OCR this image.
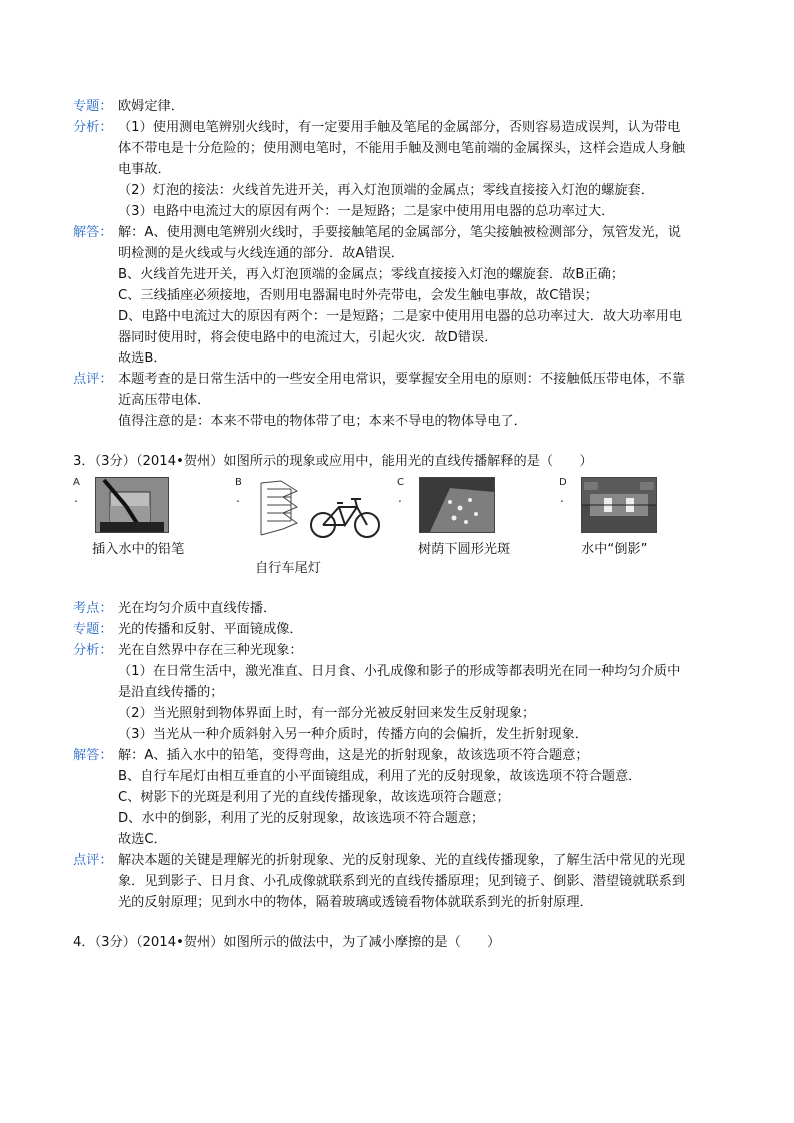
专题： 欧姆定律．
分析： （1）使用测电笔辨别火线时，有一定要用手触及笔尾的金属部分，否则容易造成误判，认为带电
体不带电是十分危险的；使用测电笔时，不能用手触及测电笔前端的金属探头，这样会造成人身触
电事故．
（2）灯泡的接法：火线首先进开关，再入灯泡顶端的金属点；零线直接接入灯泡的螺旋套．
（3）电路中电流过大的原因有两个：一是短路；二是家中使用用电器的总功率过大．
解答： 解：A、使用测电笔辨别火线时，手要接触笔尾的金属部分，笔尖接触被检测部分，氖管发光，说
明检测的是火线或与火线连通的部分．故A错误．
B、火线首先进开关，再入灯泡顶端的金属点；零线直接接入灯泡的螺旋套．故B正确；
C、三线插座必须接地，否则用电器漏电时外壳带电，会发生触电事故，故C错误；
D、电路中电流过大的原因有两个：一是短路；二是家中使用用电器的总功率过大．故大功率用电
器同时使用时，将会使电路中的电流过大，引起火灾．故D错误．
故选B．
点评： 本题考查的是日常生活中的一些安全用电常识，要掌握安全用电的原则：不接触低压带电体，不靠
近高压带电体．
值得注意的是：本来不带电的物体带了电；本来不导电的物体导电了．
3．（3分）（2014•贺州）如图所示的现象或应用中，能用光的直线传播解释的是（　　）
A
.
插入水中的铅笔
B
.
自行车尾灯
C
.
树荫下圆形光斑
D
.
水中“倒影”
考点： 光在均匀介质中直线传播．
专题： 光的传播和反射、平面镜成像．
分析： 光在自然界中存在三种光现象：
（1）在日常生活中，激光准直、日月食、小孔成像和影子的形成等都表明光在同一种均匀介质中
是沿直线传播的；
（2）当光照射到物体界面上时，有一部分光被反射回来发生反射现象；
（3）当光从一种介质斜射入另一种介质时，传播方向的会偏折，发生折射现象．
解答： 解：A、插入水中的铅笔，变得弯曲，这是光的折射现象，故该选项不符合题意；
B、自行车尾灯由相互垂直的小平面镜组成，利用了光的反射现象，故该选项不符合题意．
C、树影下的光斑是利用了光的直线传播现象，故该选项符合题意；
D、水中的倒影，利用了光的反射现象，故该选项不符合题意；
故选C．
点评： 解决本题的关键是理解光的折射现象、光的反射现象、光的直线传播现象，了解生活中常见的光现
象．见到影子、日月食、小孔成像就联系到光的直线传播原理；见到镜子、倒影、潜望镜就联系到
光的反射原理；见到水中的物体，隔着玻璃或透镜看物体就联系到光的折射原理．
4．（3分）（2014•贺州）如图所示的做法中，为了减小摩擦的是（　　）
